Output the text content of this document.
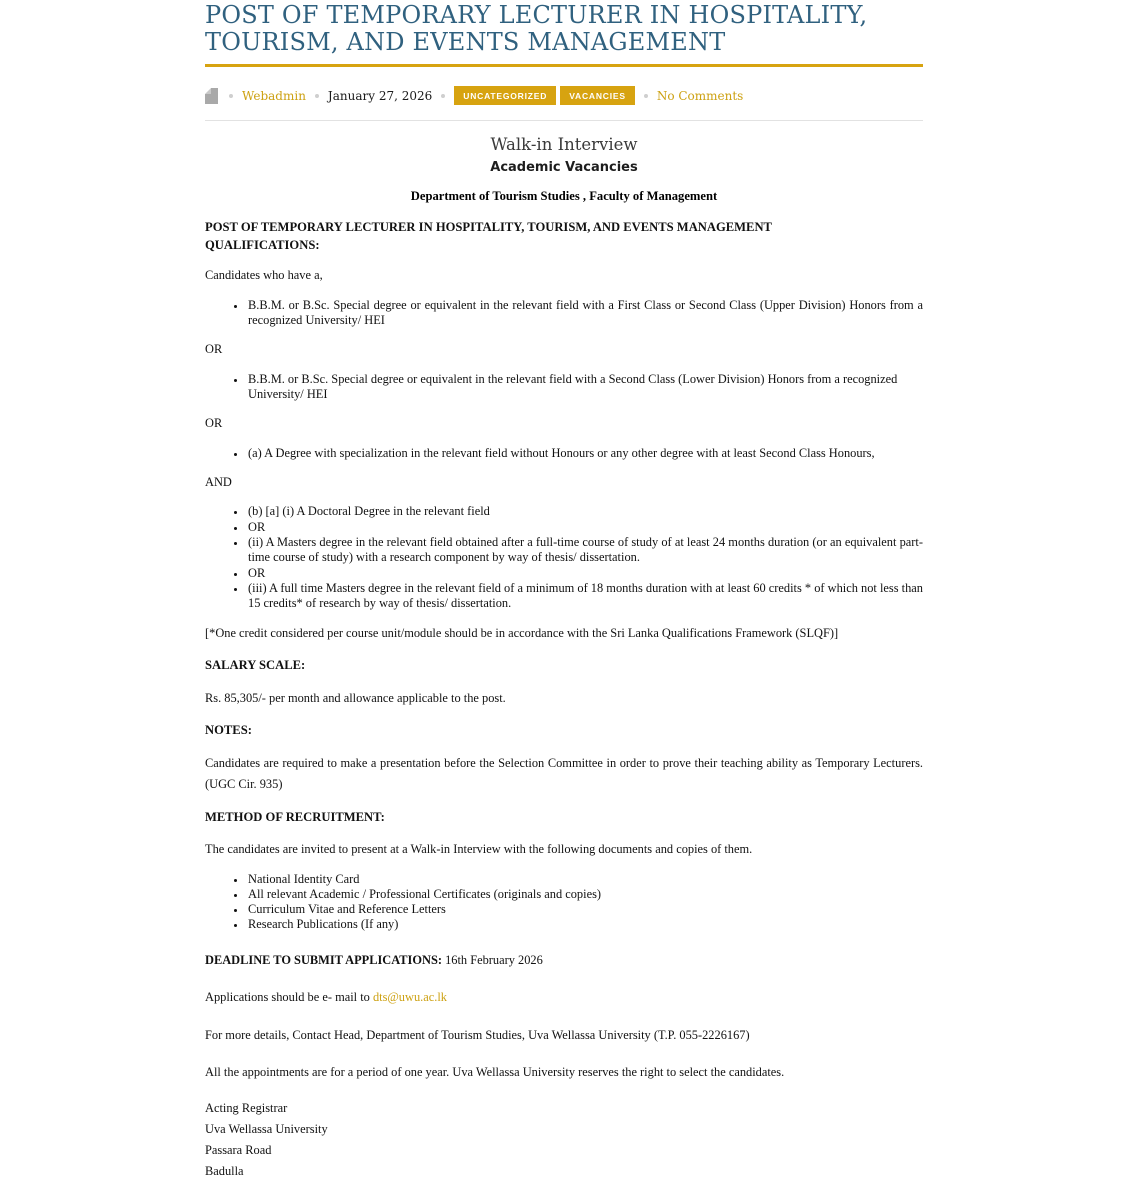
POST OF TEMPORARY LECTURER IN HOSPITALITY, TOURISM, AND EVENTS MANAGEMENT
Webadmin January 27, 2026	UNCATEGORIZED	VACANCIES	No Comments
Walk-in Interview
Academic Vacancies
Department of Tourism Studies , Faculty of Management
POST OF TEMPORARY LECTURER IN HOSPITALITY, TOURISM, AND EVENTS MANAGEMENT
QUALIFICATIONS:

Candidates who have a,

• B.B.M. or B.Sc. Special degree or equivalent in the relevant field with a First Class or Second Class (Upper Division) Honors from a recognized University/ HEI

OR

• B.B.M. or B.Sc. Special degree or equivalent in the relevant field with a Second Class (Lower Division) Honors from a recognized University/ HEI

OR

• (a) A Degree with specialization in the relevant field without Honours or any other degree with at least Second Class Honours,

AND

• (b) [a] (i) A Doctoral Degree in the relevant field
• OR
• (ii) A Masters degree in the relevant field obtained after a full-time course of study of at least 24 months duration (or an equivalent part-time course of study) with a research component by way of thesis/ dissertation.
• OR
• (iii) A full time Masters degree in the relevant field of a minimum of 18 months duration with at least 60 credits * of which not less than 15 credits* of research by way of thesis/ dissertation.

[*One credit considered per course unit/module should be in accordance with the Sri Lanka Qualifications Framework (SLQF)]

SALARY SCALE:

Rs. 85,305/- per month and allowance applicable to the post.

NOTES:

Candidates are required to make a presentation before the Selection Committee in order to prove their teaching ability as Temporary Lecturers. (UGC Cir. 935)

METHOD OF RECRUITMENT:

The candidates are invited to present at a Walk-in Interview with the following documents and copies of them.

• National Identity Card
• All relevant Academic / Professional Certificates (originals and copies)
• Curriculum Vitae and Reference Letters
• Research Publications (If any)

DEADLINE TO SUBMIT APPLICATIONS: 16th February 2026

Applications should be e- mail to dts@uwu.ac.lk

For more details, Contact Head, Department of Tourism Studies, Uva Wellassa University (T.P. 055-2226167)

All the appointments are for a period of one year. Uva Wellassa University reserves the right to select the candidates.

Acting Registrar

Uva Wellassa University

Passara Road

Badulla
